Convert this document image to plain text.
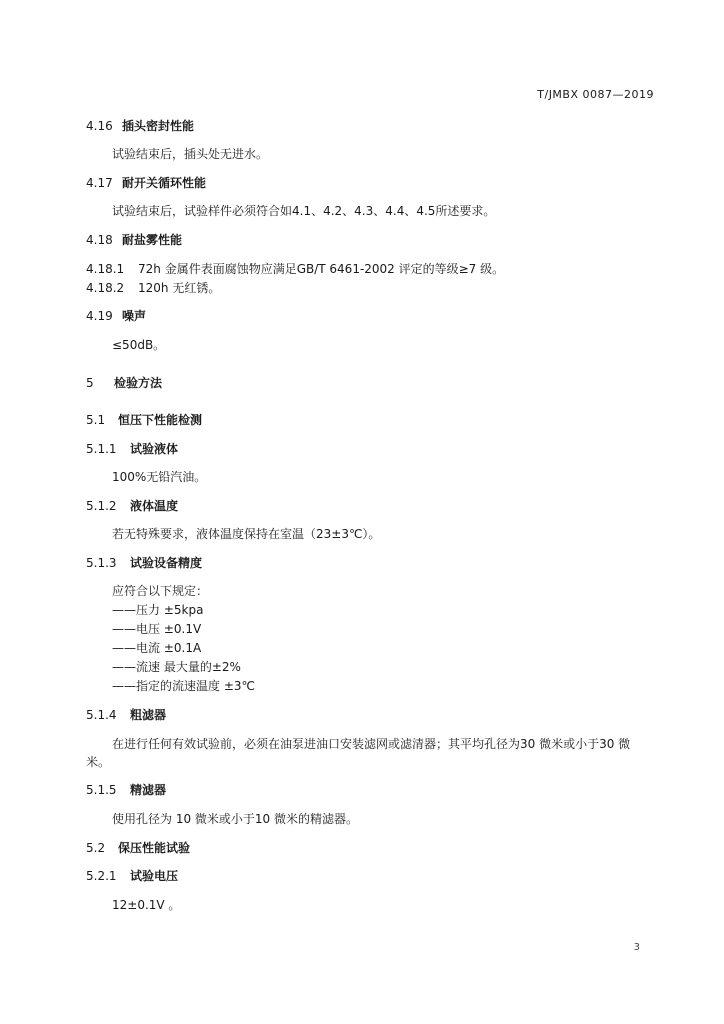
T/JMBX 0087—2019
4.16 插头密封性能
试验结束后，插头处无进水。
4.17 耐开关循环性能
试验结束后，试验样件必须符合如4.1、4.2、4.3、4.4、4.5所述要求。
4.18 耐盐雾性能
4.18.1 72h 金属件表面腐蚀物应满足GB/T 6461-2002 评定的等级≥7 级。
4.18.2 120h 无红锈。
4.19 噪声
≤50dB。
5 检验方法
5.1 恒压下性能检测
5.1.1 试验液体
100%无铅汽油。
5.1.2 液体温度
若无特殊要求，液体温度保持在室温（23±3℃）。
5.1.3 试验设备精度
应符合以下规定：
——压力 ±5kpa
——电压 ±0.1V
——电流 ±0.1A
——流速 最大量的±2%
——指定的流速温度 ±3℃
5.1.4 粗滤器
在进行任何有效试验前，必须在油泵进油口安装滤网或滤清器；其平均孔径为30 微米或小于30 微
米。
5.1.5 精滤器
使用孔径为 10 微米或小于10 微米的精滤器。
5.2 保压性能试验
5.2.1 试验电压
12±0.1V 。
3
